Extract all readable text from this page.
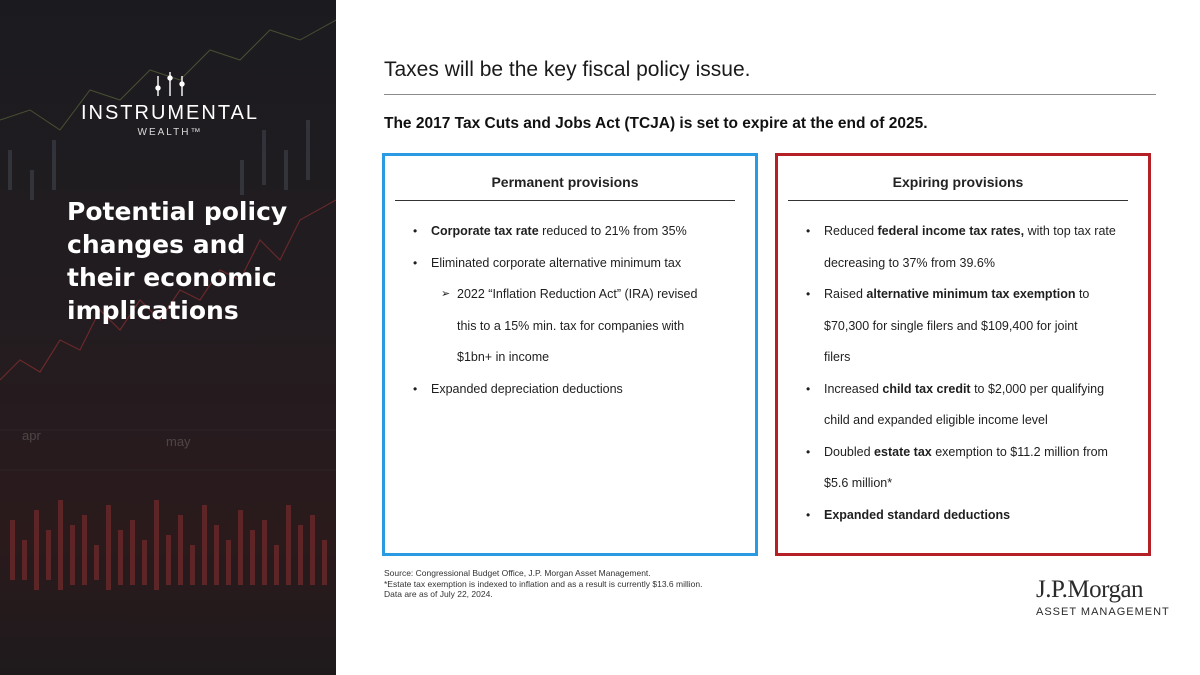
apr	may
INSTRUMENTAL
WEALTH™
Potential policy changes and their economic implications
Taxes will be the key fiscal policy issue.
The 2017 Tax Cuts and Jobs Act (TCJA) is set to expire at the end of 2025.
Permanent provisions
• Corporate tax rate reduced to 21% from 35%
• Eliminated corporate alternative minimum tax
➢ 2022 “Inflation Reduction Act” (IRA) revised
this to a 15% min. tax for companies with
$1bn+ in income
• Expanded depreciation deductions
Expiring provisions
• Reduced federal income tax rates, with top tax rate
decreasing to 37% from 39.6%
• Raised alternative minimum tax exemption to
$70,300 for single filers and $109,400 for joint
filers
• Increased child tax credit to $2,000 per qualifying
child and expanded eligible income level
• Doubled estate tax exemption to $11.2 million from
$5.6 million*
• Expanded standard deductions
Source: Congressional Budget Office, J.P. Morgan Asset Management.
*Estate tax exemption is indexed to inflation and as a result is currently $13.6 million.
Data are as of July 22, 2024.	J.P.Morgan
ASSET MANAGEMENT
